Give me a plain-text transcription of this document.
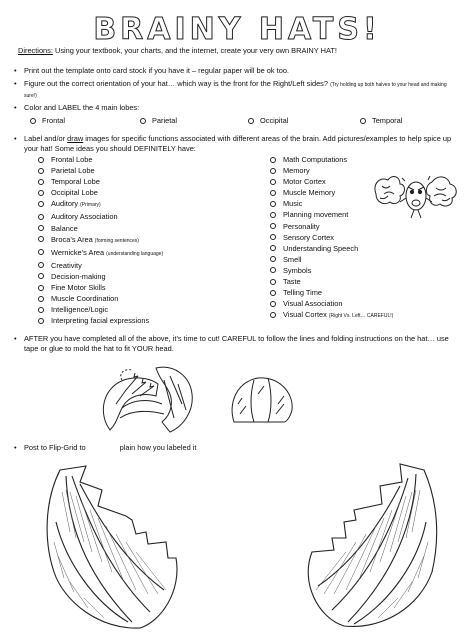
BRAINY HATS!
Directions: Using your textbook, your charts, and the internet, create your very own BRAINY HAT!
• Print out the template onto card stock if you have it – regular paper will be ok too.
• Figure out the correct orientation of your hat… which way is the front for the Right/Left sides? (Try holding up both halves to your head and making sure!)
• Color and LABEL the 4 main lobes:
Frontal	Parietal	Occipital	Temporal
• Label and/or draw images for specific functions associated with different areas of the brain. Add pictures/examples to help spice up your hat! Some ideas you should DEFINITELY have:
Frontal Lobe
Parietal Lobe
Temporal Lobe
Occipital Lobe
Auditory (Primary)
Auditory Association
Balance
Broca’s Area (forming sentences)
Wernicke’s Area (understanding language)
Creativity
Decision-making
Fine Motor Skills
Muscle Coordination
Intelligence/Logic
Interpreting facial expressions
Math Computations
Memory
Motor Cortex
Muscle Memory
Music
Planning movement
Personality
Sensory Cortex
Understanding Speech
Smell
Symbols
Taste
Telling Time
Visual Association
Visual Cortex (Right Vs. Left… CAREFUL!)
• AFTER you have completed all of the above, it’s time to cut! CAREFUL to follow the lines and folding instructions on the hat… use tape or glue to mold the hat to fit YOUR head.
• Post to Flip-Grid to	plain how you labeled it
